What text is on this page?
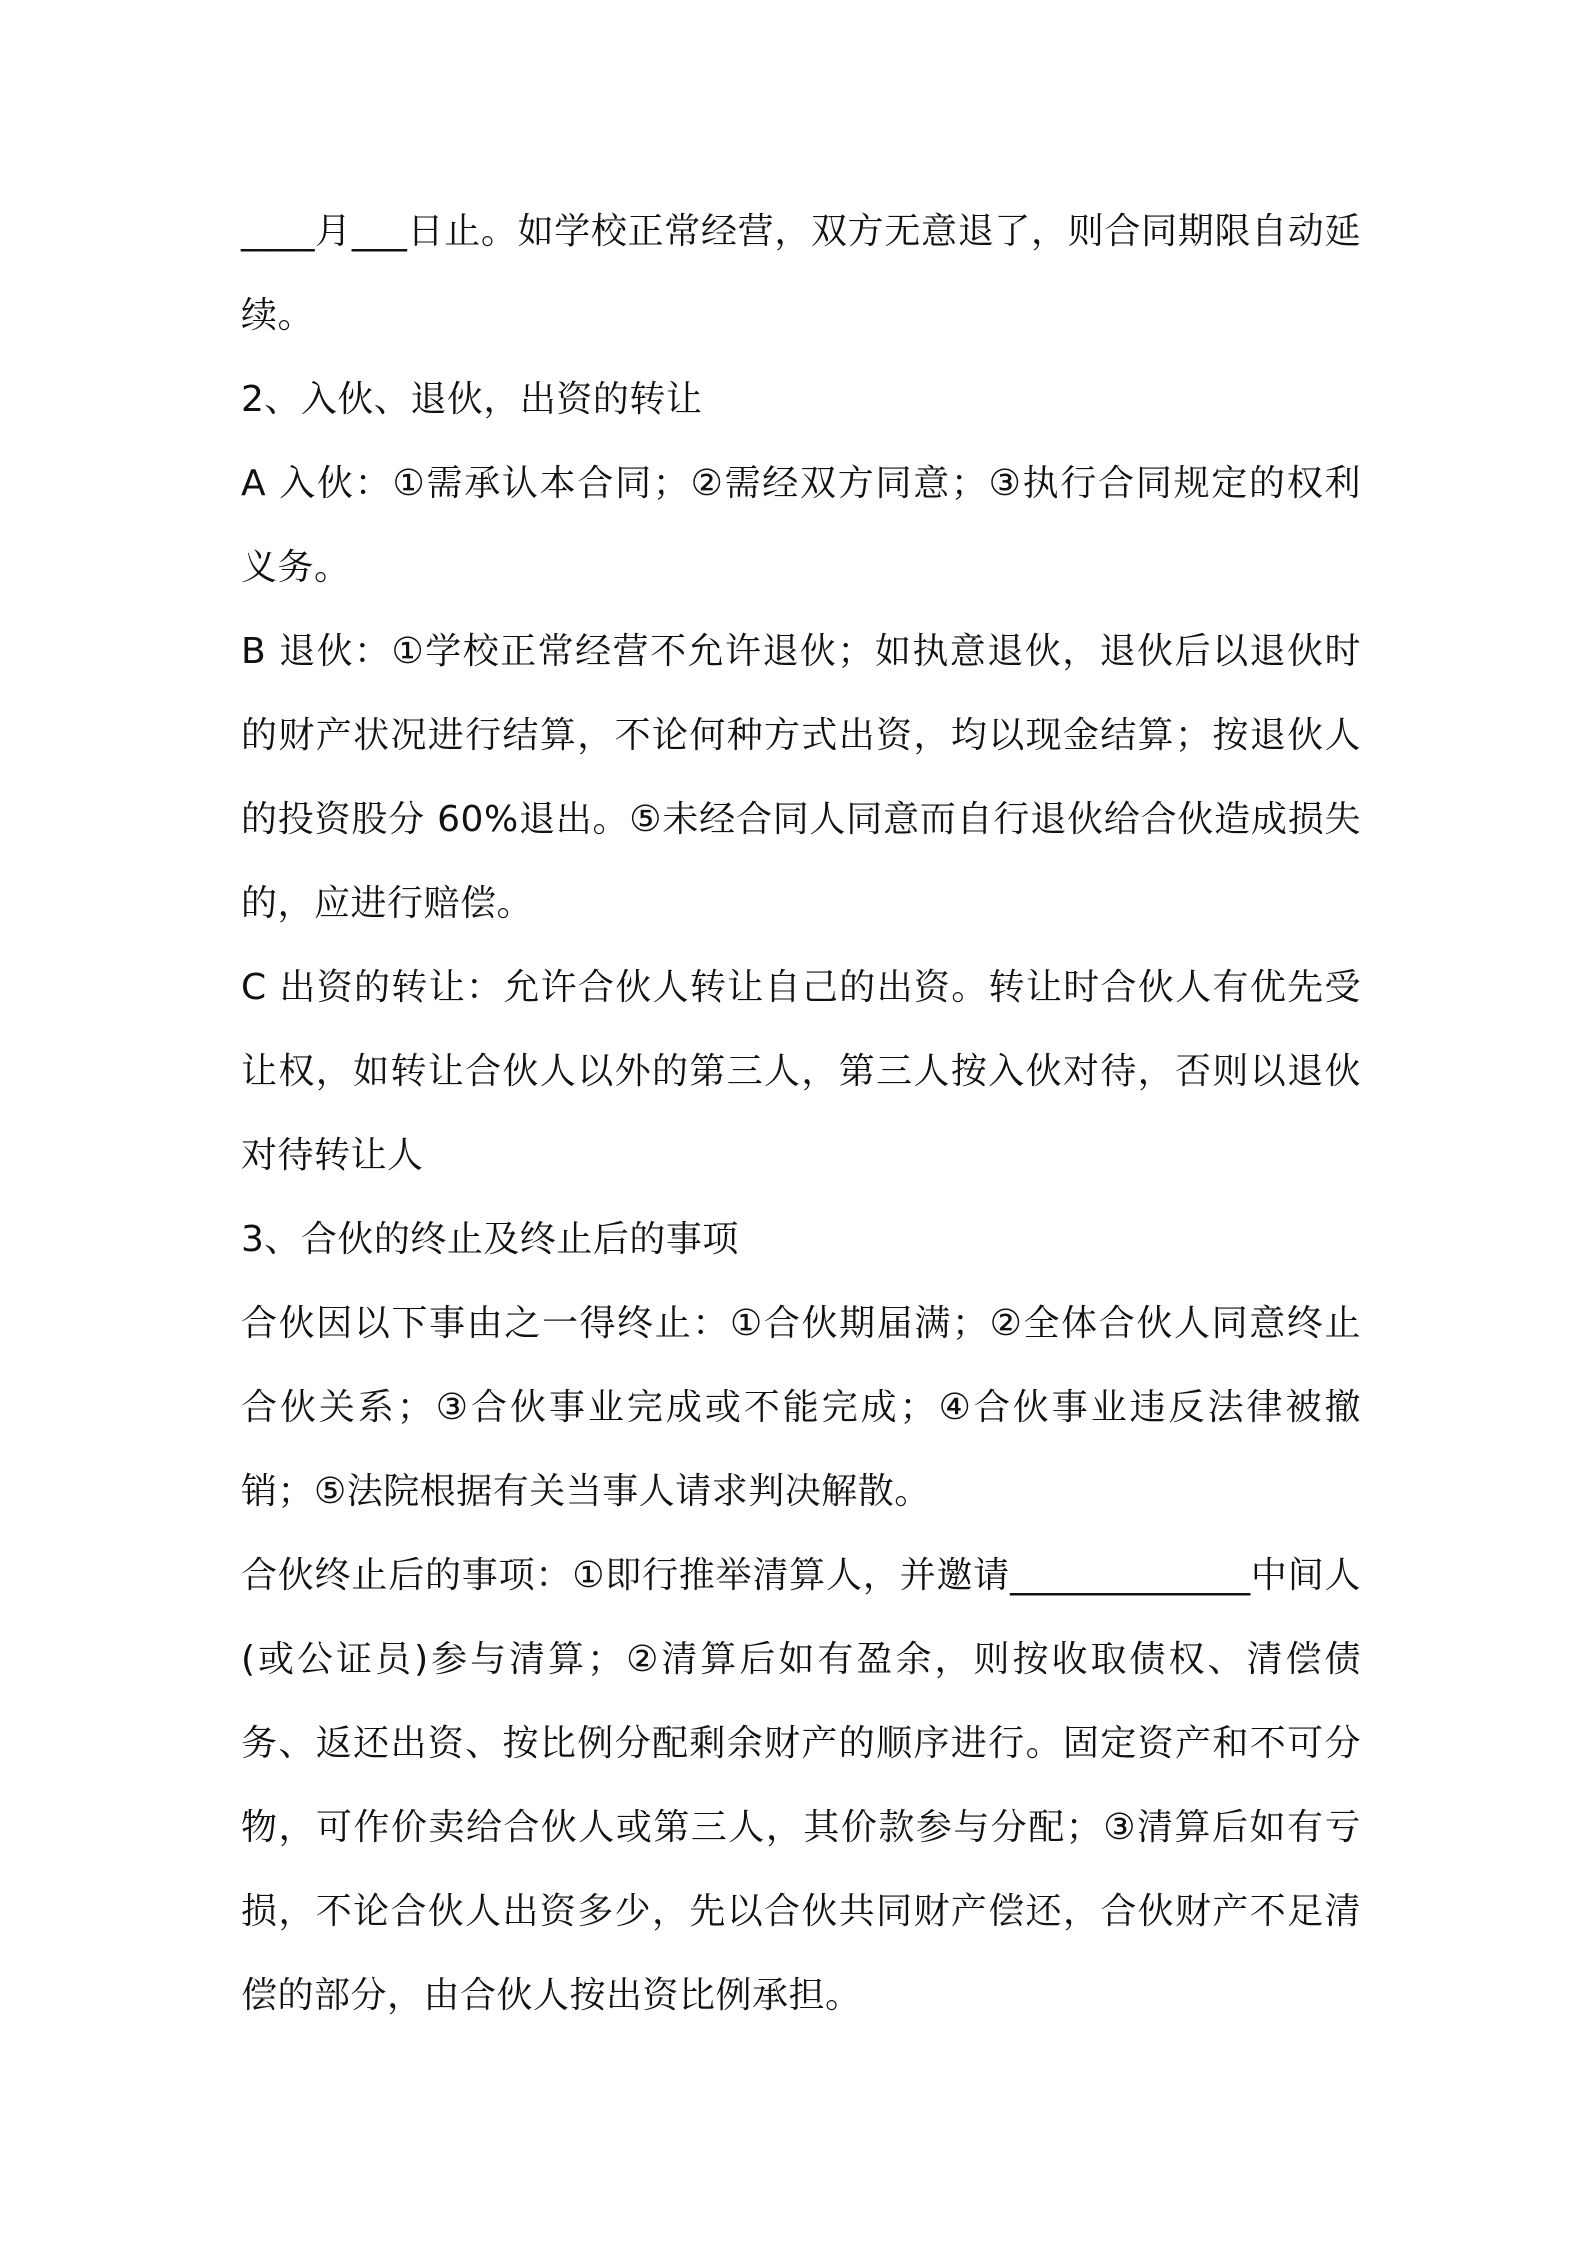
____月___日止。如学校正常经营，双方无意退了，则合同期限自动延续。

2、入伙、退伙，出资的转让

A 入伙：①需承认本合同；②需经双方同意；③执行合同规定的权利义务。

B 退伙：①学校正常经营不允许退伙；如执意退伙，退伙后以退伙时的财产状况进行结算，不论何种方式出资，均以现金结算；按退伙人的投资股分 60%退出。⑤未经合同人同意而自行退伙给合伙造成损失的，应进行赔偿。

C 出资的转让：允许合伙人转让自己的出资。转让时合伙人有优先受让权，如转让合伙人以外的第三人，第三人按入伙对待，否则以退伙对待转让人

3、合伙的终止及终止后的事项

合伙因以下事由之一得终止：①合伙期届满；②全体合伙人同意终止合伙关系；③合伙事业完成或不能完成；④合伙事业违反法律被撤销；⑤法院根据有关当事人请求判决解散。

合伙终止后的事项：①即行推举清算人，并邀请_____________中间人(或公证员)参与清算；②清算后如有盈余，则按收取债权、清偿债务、返还出资、按比例分配剩余财产的顺序进行。固定资产和不可分物，可作价卖给合伙人或第三人，其价款参与分配；③清算后如有亏损，不论合伙人出资多少，先以合伙共同财产偿还，合伙财产不足清偿的部分，由合伙人按出资比例承担。
